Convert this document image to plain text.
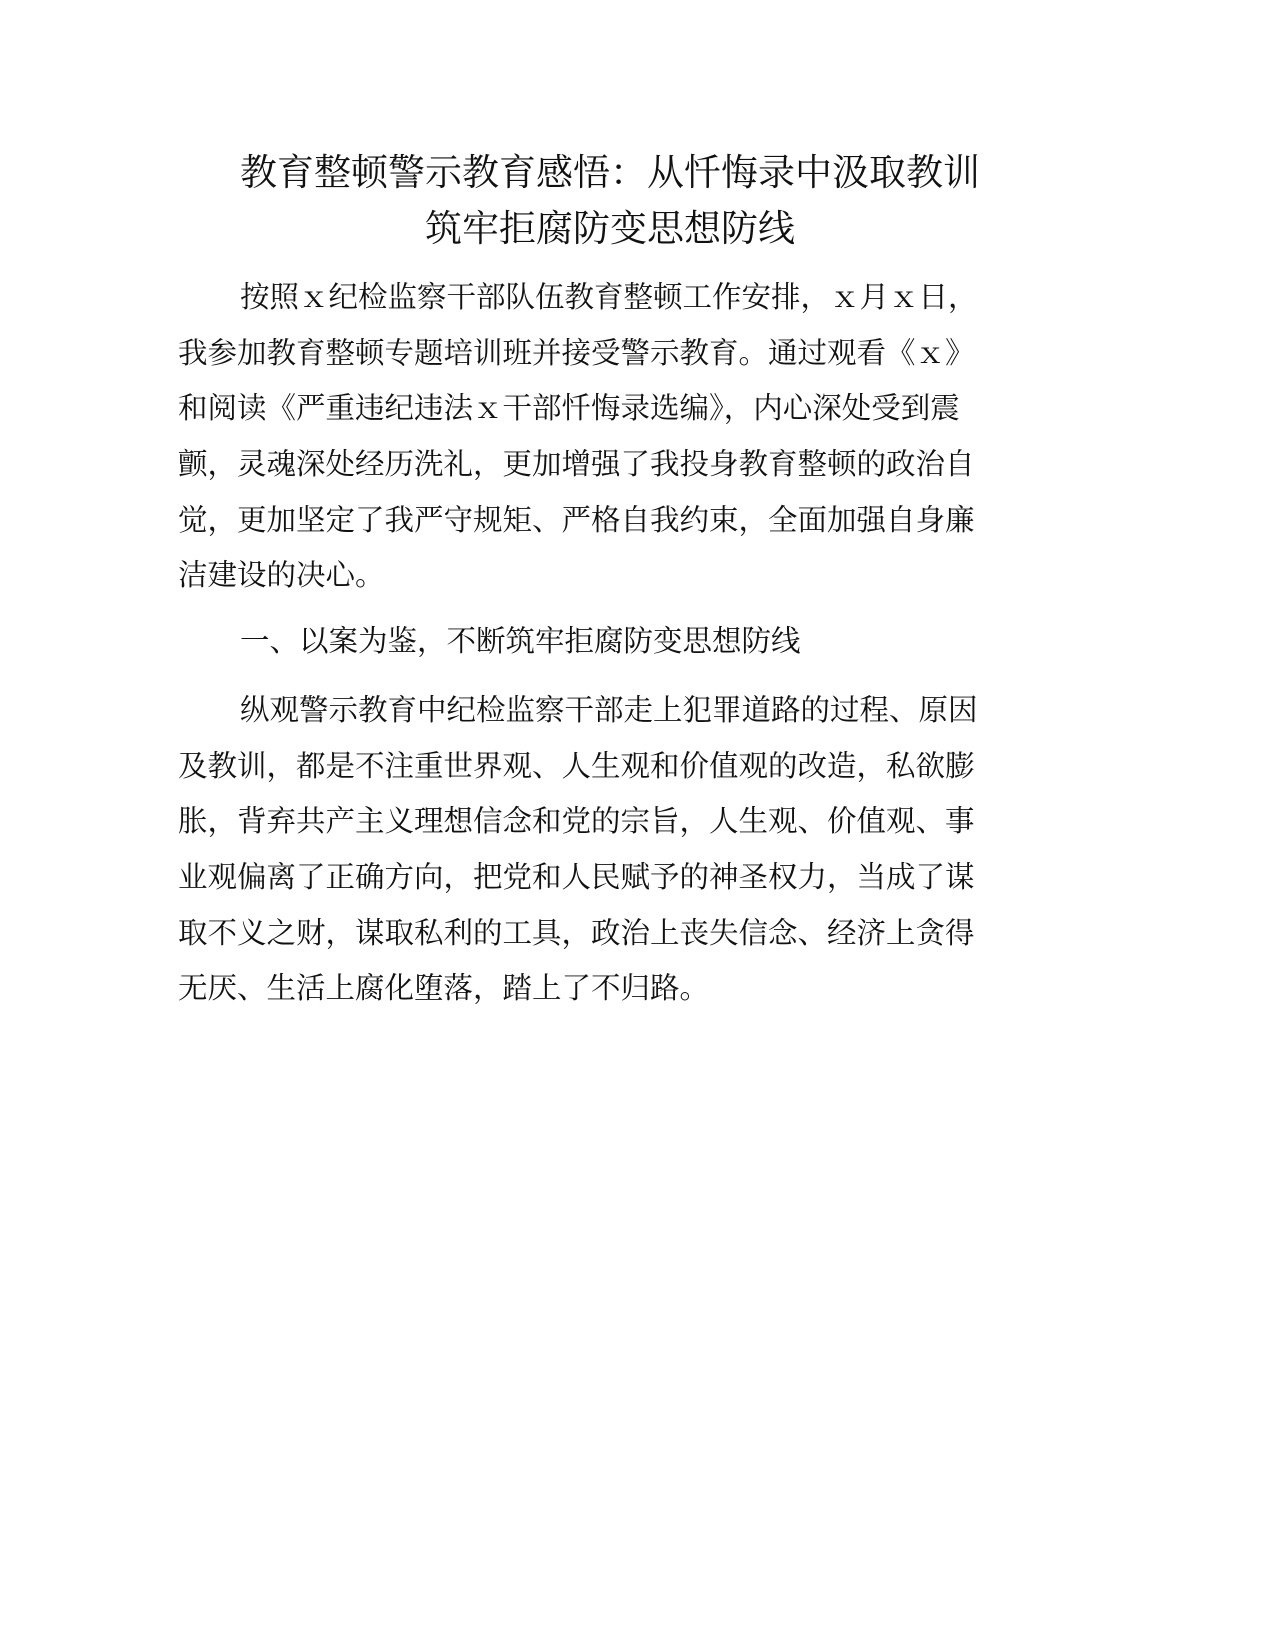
教育整顿警示教育感悟：从忏悔录中汲取教训
筑牢拒腐防变思想防线
按照ｘ纪检监察干部队伍教育整顿工作安排，ｘ月ｘ日，
我参加教育整顿专题培训班并接受警示教育。通过观看《ｘ》
和阅读《严重违纪违法ｘ干部忏悔录选编》，内心深处受到震
颤，灵魂深处经历洗礼，更加增强了我投身教育整顿的政治自
觉，更加坚定了我严守规矩、严格自我约束，全面加强自身廉
洁建设的决心。
一、以案为鉴，不断筑牢拒腐防变思想防线
纵观警示教育中纪检监察干部走上犯罪道路的过程、原因
及教训，都是不注重世界观、人生观和价值观的改造，私欲膨
胀，背弃共产主义理想信念和党的宗旨，人生观、价值观、事
业观偏离了正确方向，把党和人民赋予的神圣权力，当成了谋
取不义之财，谋取私利的工具，政治上丧失信念、经济上贪得
无厌、生活上腐化堕落，踏上了不归路。
